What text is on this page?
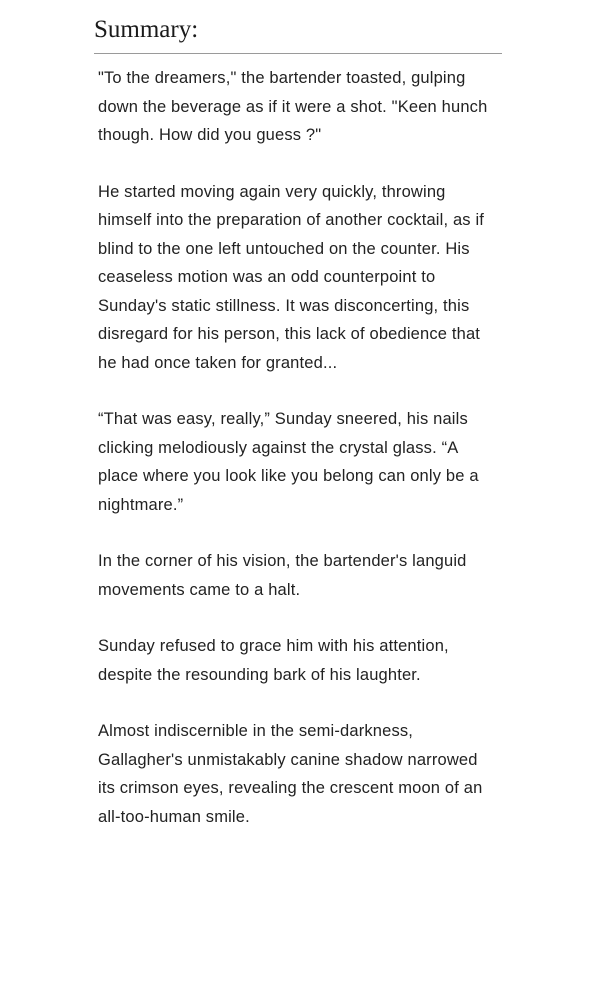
Summary:

"To the dreamers," the bartender toasted, gulping down the beverage as if it were a shot. "Keen hunch though. How did you guess ?"

He started moving again very quickly, throwing himself into the preparation of another cocktail, as if blind to the one left untouched on the counter. His ceaseless motion was an odd counterpoint to Sunday's static stillness. It was disconcerting, this disregard for his person, this lack of obedience that he had once taken for granted...

“That was easy, really,” Sunday sneered, his nails clicking melodiously against the crystal glass. “A place where you look like you belong can only be a nightmare.”

In the corner of his vision, the bartender's languid movements came to a halt.

Sunday refused to grace him with his attention, despite the resounding bark of his laughter.

Almost indiscernible in the semi-darkness, Gallagher's unmistakably canine shadow narrowed its crimson eyes, revealing the crescent moon of an all-too-human smile.
